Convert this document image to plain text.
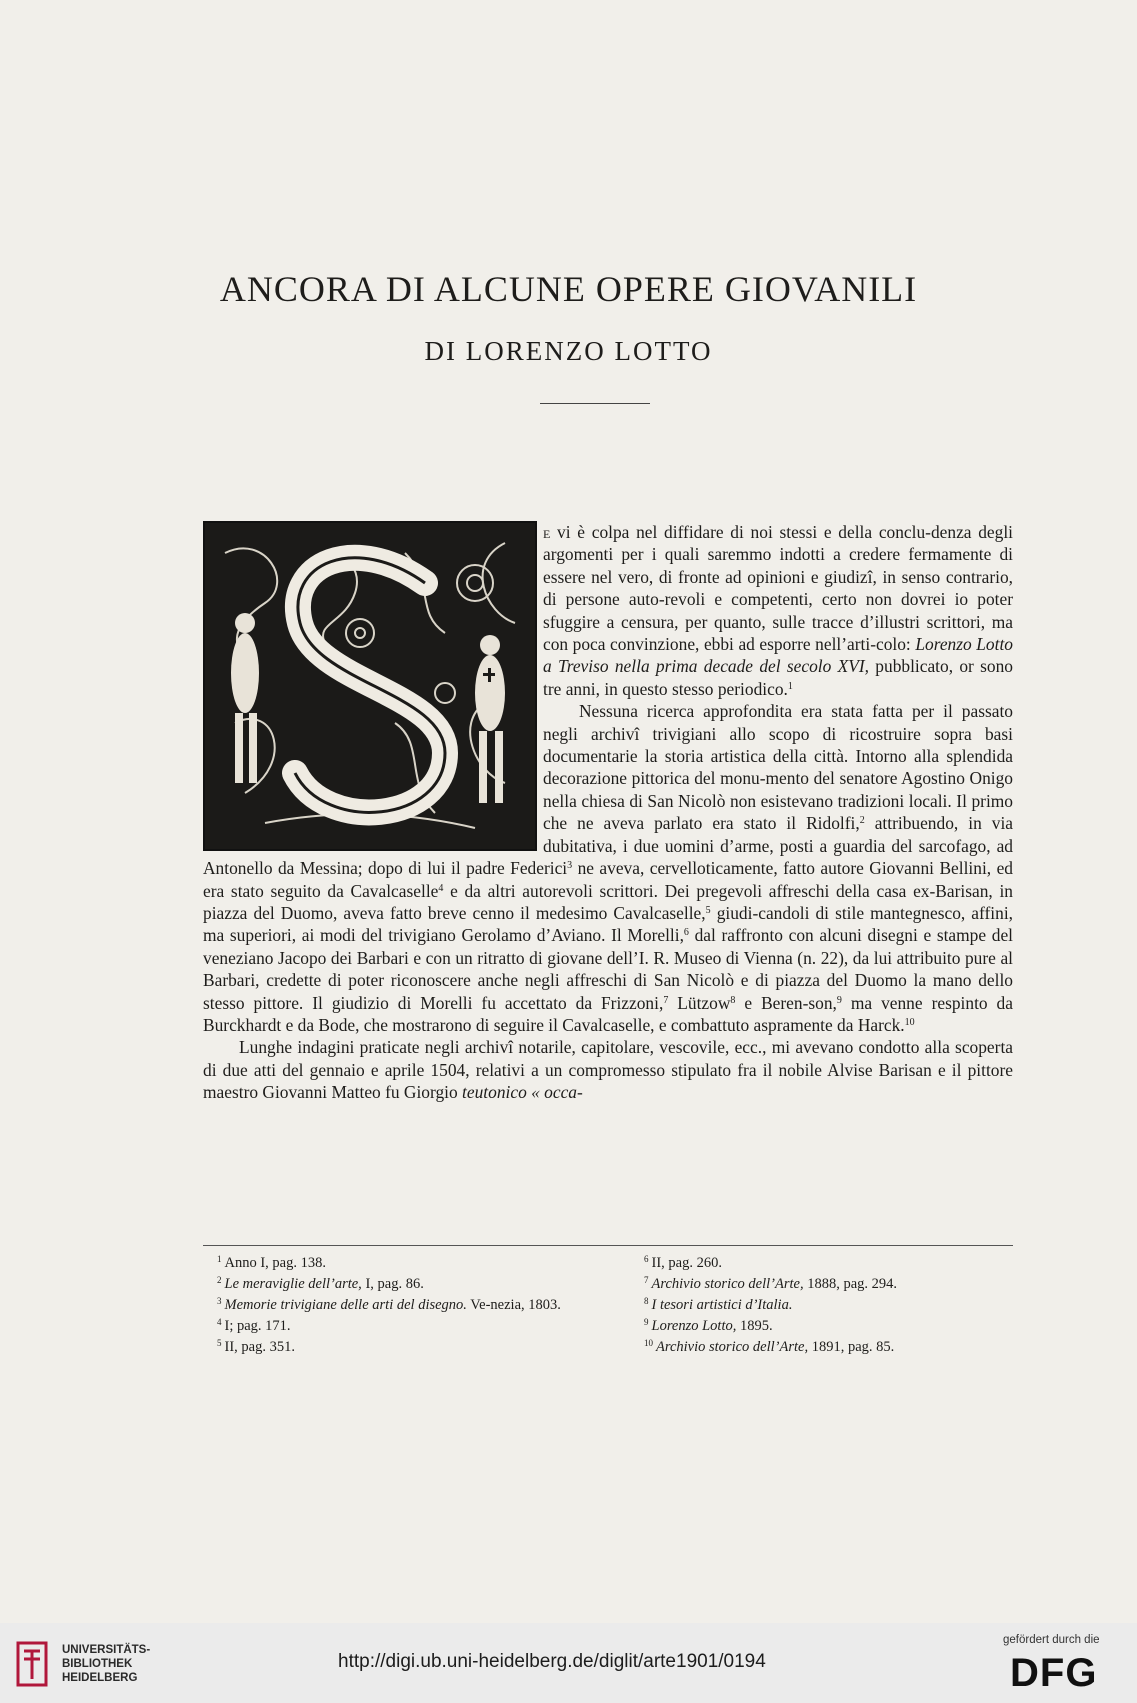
ANCORA DI ALCUNE OPERE GIOVANILI
DI LORENZO LOTTO

e vi è colpa nel diffidare di noi stessi e della conclu-denza degli argomenti per i quali saremmo indotti a credere fermamente di essere nel vero, di fronte ad opinioni e giudizî, in senso contrario, di persone auto-revoli e competenti, certo non dovrei io poter sfuggire a censura, per quanto, sulle tracce d’illustri scrittori, ma con poca convinzione, ebbi ad esporre nell’arti-colo: Lorenzo Lotto a Treviso nella prima decade del secolo XVI, pubblicato, or sono tre anni, in questo stesso periodico.$^1$

Nessuna ricerca approfondita era stata fatta per il passato negli archivî trivigiani allo scopo di ricostruire sopra basi documentarie la storia artistica della città. Intorno alla splendida decorazione pittorica del monu-mento del senatore Agostino Onigo nella chiesa di San Nicolò non esistevano tradizioni locali. Il primo che ne aveva parlato era stato il Ridolfi,$^2$ attribuendo, in via dubitativa, i due uomini d’arme, posti a guardia del sarcofago, ad Antonello da Messina; dopo di lui il padre Federici$^3$ ne aveva, cervelloticamente, fatto autore Giovanni Bellini, ed era stato seguito da Cavalcaselle$^4$ e da altri autorevoli scrittori. Dei pregevoli affreschi della casa ex-Barisan, in piazza del Duomo, aveva fatto breve cenno il medesimo Cavalcaselle,$^5$ giudi-candoli di stile mantegnesco, affini, ma superiori, ai modi del trivigiano Gerolamo d’Aviano. Il Morelli,$^6$ dal raffronto con alcuni disegni e stampe del veneziano Jacopo dei Barbari e con un ritratto di giovane dell’I. R. Museo di Vienna (n. 22), da lui attribuito pure al Barbari, credette di poter riconoscere anche negli affreschi di San Nicolò e di piazza del Duomo la mano dello stesso pittore. Il giudizio di Morelli fu accettato da Frizzoni,$^7$ Lützow$^8$ e Beren-son,$^9$ ma venne respinto da Burckhardt e da Bode, che mostrarono di seguire il Cavalcaselle, e combattuto aspramente da Harck.$^{10}$

Lunghe indagini praticate negli archivî notarile, capitolare, vescovile, ecc., mi avevano condotto alla scoperta di due atti del gennaio e aprile 1504, relativi a un compromesso stipulato fra il nobile Alvise Barisan e il pittore maestro Giovanni Matteo fu Giorgio teutonico « occa-

$^1$ Anno I, pag. 138.

$^2$ Le meraviglie dell’arte, I, pag. 86.

$^3$ Memorie trivigiane delle arti del disegno. Ve-nezia, 1803.

$^4$ I; pag. 171.

$^5$ II, pag. 351.

$^6$ II, pag. 260.

$^7$ Archivio storico dell’Arte, 1888, pag. 294.

$^8$ I tesori artistici d’Italia.

$^9$ Lorenzo Lotto, 1895.

$^{10}$ Archivio storico dell’Arte, 1891, pag. 85.

UNIVERSITÄTS-
BIBLIOTHEK
HEIDELBERG
http://digi.ub.uni-heidelberg.de/diglit/arte1901/0194
gefördert durch die
DFG
